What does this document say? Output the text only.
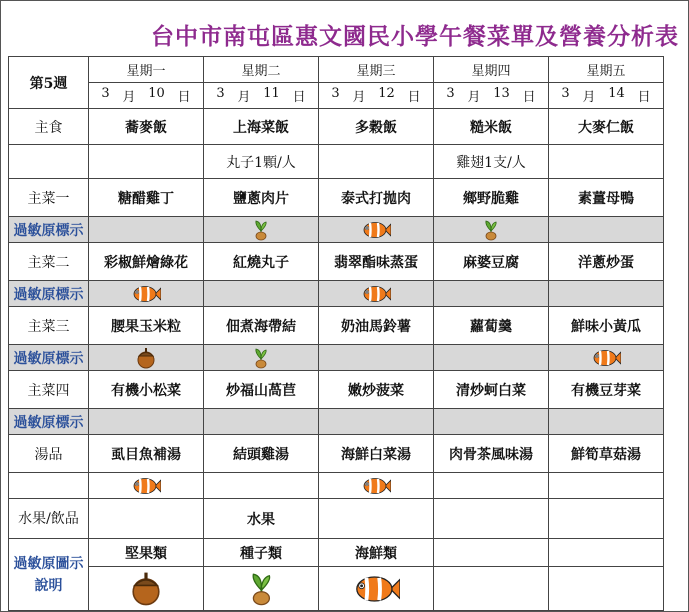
台中市南屯區惠文國民小學午餐菜單及營養分析表
第5週	星期一	星期二	星期三	星期四	星期五

	3 月 10 日	3 月 11 日	3 月 12 日	3 月 13 日	3 月 14 日

主食	蕎麥飯	上海菜飯	多穀飯	糙米飯	大麥仁飯
		丸子1顆/人		雞翅1支/人	
主菜一	糖醋雞丁	鹽蔥肉片	泰式打拋肉	鄉野脆雞	素薑母鴨
過敏原標示					
主菜二	彩椒鮮燴綠花	紅燒丸子	翡翠酯味蒸蛋	麻婆豆腐	洋蔥炒蛋
過敏原標示					
主菜三	腰果玉米粒	佃煮海帶結	奶油馬鈴薯	蘿蔔羹	鮮味小黃瓜
過敏原標示					
主菜四	有機小松菜	炒福山萵苣	嫩炒菠菜	清炒蚵白菜	有機豆芽菜
過敏原標示					
湯品	虱目魚補湯	結頭雞湯	海鮮白菜湯	肉骨茶風味湯	鮮筍草菇湯

水果/飲品		水果			
過敏原圖示說明	堅果類	種子類	海鮮類		
